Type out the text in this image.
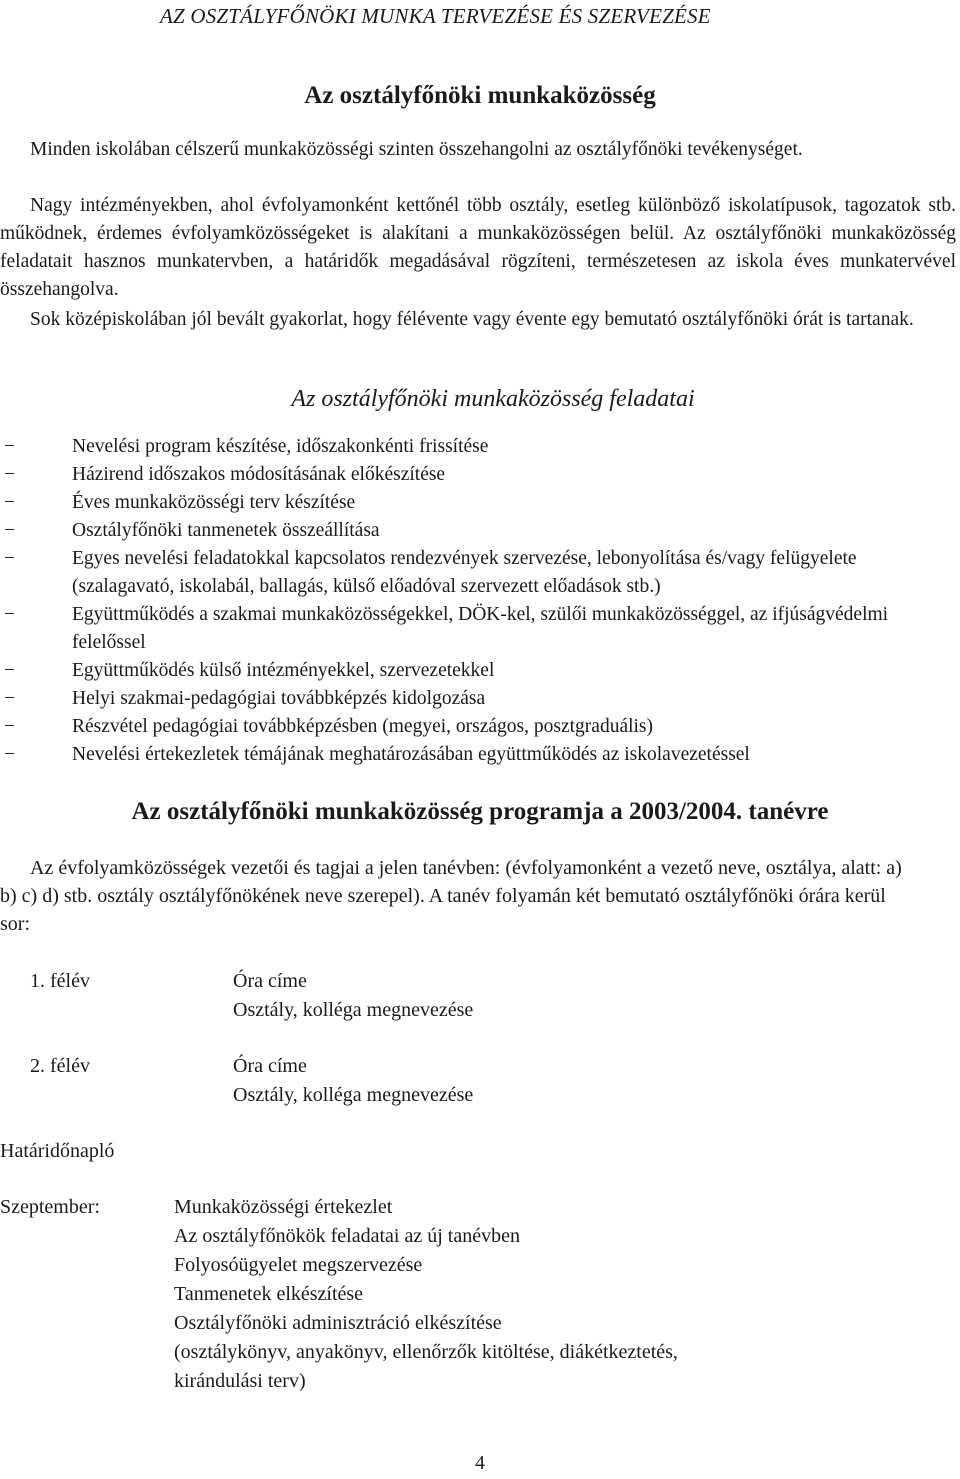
AZ OSZTÁLYFŐNÖKI MUNKA TERVEZÉSE ÉS SZERVEZÉSE
Az osztályfőnöki munkaközösség

Minden iskolában célszerű munkaközösségi szinten összehangolni az osztályfőnöki tevékenységet.

Nagy intézményekben, ahol évfolyamonként kettőnél több osztály, esetleg különböző iskolatípusok, tagozatok stb. működnek, érdemes évfolyamközösségeket is alakítani a munkaközösségen belül. Az osztályfőnöki munkaközösség feladatait hasznos munkatervben, a határidők megadásával rögzíteni, természetesen az iskola éves munkatervével összehangolva.

Sok középiskolában jól bevált gyakorlat, hogy félévente vagy évente egy bemutató osztályfőnöki órát is tartanak.

Az osztályfőnöki munkaközösség feladatai
−	Nevelési program készítése, időszakonkénti frissítése
−	Házirend időszakos módosításának előkészítése
−	Éves munkaközösségi terv készítése
−	Osztályfőnöki tanmenetek összeállítása
−	Egyes nevelési feladatokkal kapcsolatos rendezvények szervezése, lebonyolítása és/vagy felügyelete (szalagavató, iskolabál, ballagás, külső előadóval szervezett előadások stb.)
−	Együttműködés a szakmai munkaközösségekkel, DÖK-kel, szülői munkaközösséggel, az ifjúságvédelmi felelőssel
−	Együttműködés külső intézményekkel, szervezetekkel
−	Helyi szakmai-pedagógiai továbbképzés kidolgozása
−	Részvétel pedagógiai továbbképzésben (megyei, országos, posztgraduális)
−	Nevelési értekezletek témájának meghatározásában együttműködés az iskolavezetéssel
Az osztályfőnöki munkaközösség programja a 2003/2004. tanévre

Az évfolyamközösségek vezetői és tagjai a jelen tanévben: (évfolyamonként a vezető neve, osztálya, alatt: a) b) c) d) stb. osztály osztályfőnökének neve szerepel). A tanév folyamán két bemutató osztályfőnöki órára kerül sor:

1. félév	Óra címe
Osztály, kolléga megnevezése
2. félév	Óra címe
Osztály, kolléga megnevezése
Határidőnapló
Szeptember:	Munkaközösségi értekezlet
Az osztályfőnökök feladatai az új tanévben
Folyosóügyelet megszervezése
Tanmenetek elkészítése
Osztályfőnöki adminisztráció elkészítése
(osztálykönyv, anyakönyv, ellenőrzők kitöltése, diákétkeztetés,
kirándulási terv)
4
